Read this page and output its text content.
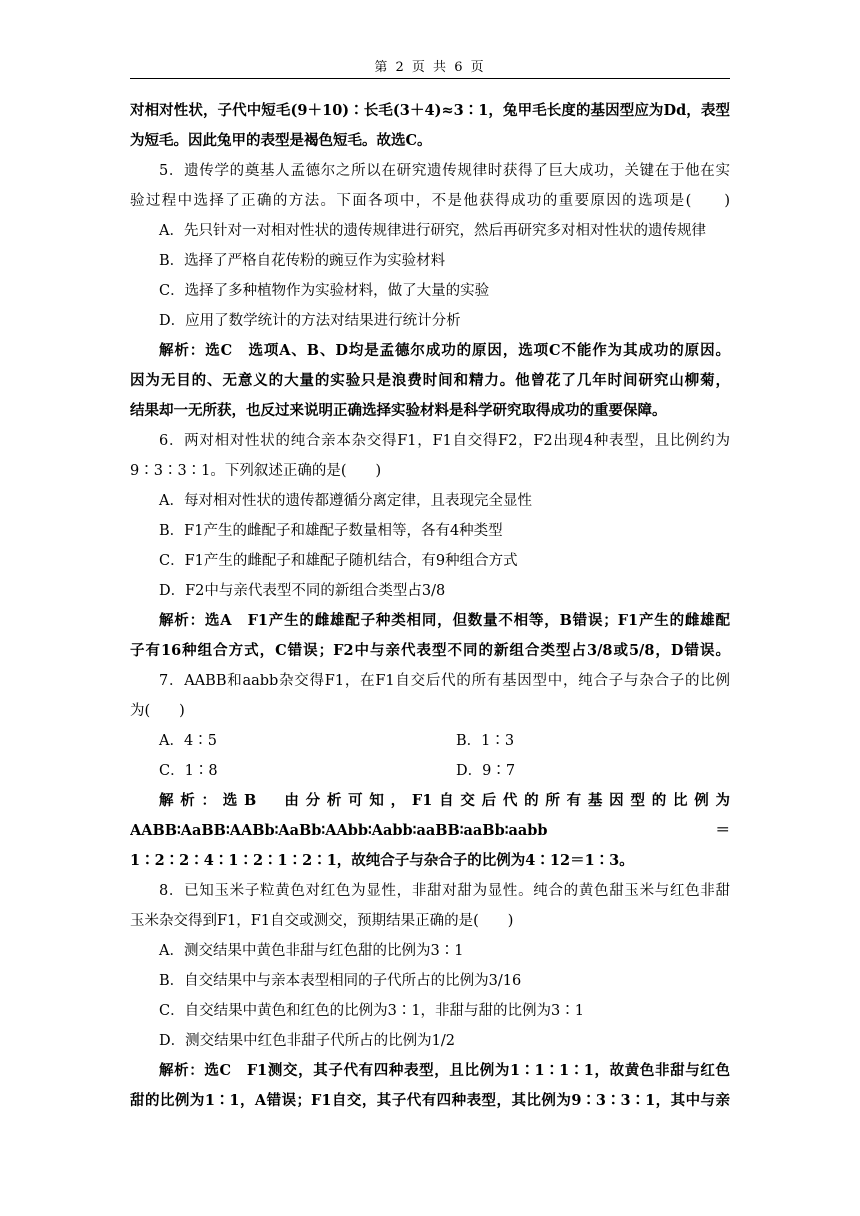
第 2 页 共 6 页
对相对性状，子代中短毛(9＋10)∶长毛(3＋4)≈3∶1，兔甲毛长度的基因型应为Dd，表型
为短毛。因此兔甲的表型是褐色短毛。故选C。
5．遗传学的奠基人孟德尔之所以在研究遗传规律时获得了巨大成功，关键在于他在实
验过程中选择了正确的方法。下面各项中，不是他获得成功的重要原因的选项是(　　)
A．先只针对一对相对性状的遗传规律进行研究，然后再研究多对相对性状的遗传规律
B．选择了严格自花传粉的豌豆作为实验材料
C．选择了多种植物作为实验材料，做了大量的实验
D．应用了数学统计的方法对结果进行统计分析
解析：选C　选项A、B、D均是孟德尔成功的原因，选项C不能作为其成功的原因。
因为无目的、无意义的大量的实验只是浪费时间和精力。他曾花了几年时间研究山柳菊，
结果却一无所获，也反过来说明正确选择实验材料是科学研究取得成功的重要保障。
6．两对相对性状的纯合亲本杂交得F1，F1自交得F2，F2出现4种表型，且比例约为
9∶3∶3∶1。下列叙述正确的是(　　)
A．每对相对性状的遗传都遵循分离定律，且表现完全显性
B．F1产生的雌配子和雄配子数量相等，各有4种类型
C．F1产生的雌配子和雄配子随机结合，有9种组合方式
D．F2中与亲代表型不同的新组合类型占3/8
解析：选A　F1产生的雌雄配子种类相同，但数量不相等，B错误；F1产生的雌雄配
子有16种组合方式，C错误；F2中与亲代表型不同的新组合类型占3/8或5/8，D错误。
7．AABB和aabb杂交得F1，在F1自交后代的所有基因型中，纯合子与杂合子的比例
为(　　)
A．4∶5	B．1∶3
C．1∶8	D．9∶7
解析：选B　由分析可知，F1自交后代的所有基因型的比例为
AABB∶AaBB∶AABb∶AaBb∶AAbb∶Aabb∶aaBB∶aaBb∶aabb	＝
1∶2∶2∶4∶1∶2∶1∶2∶1，故纯合子与杂合子的比例为4∶12＝1∶3。
8．已知玉米子粒黄色对红色为显性，非甜对甜为显性。纯合的黄色甜玉米与红色非甜
玉米杂交得到F1，F1自交或测交，预期结果正确的是(　　)
A．测交结果中黄色非甜与红色甜的比例为3∶1
B．自交结果中与亲本表型相同的子代所占的比例为3/16
C．自交结果中黄色和红色的比例为3∶1，非甜与甜的比例为3∶1
D．测交结果中红色非甜子代所占的比例为1/2
解析：选C　F1测交，其子代有四种表型，且比例为1∶1∶1∶1，故黄色非甜与红色
甜的比例为1∶1，A错误；F1自交，其子代有四种表型，其比例为9∶3∶3∶1，其中与亲
